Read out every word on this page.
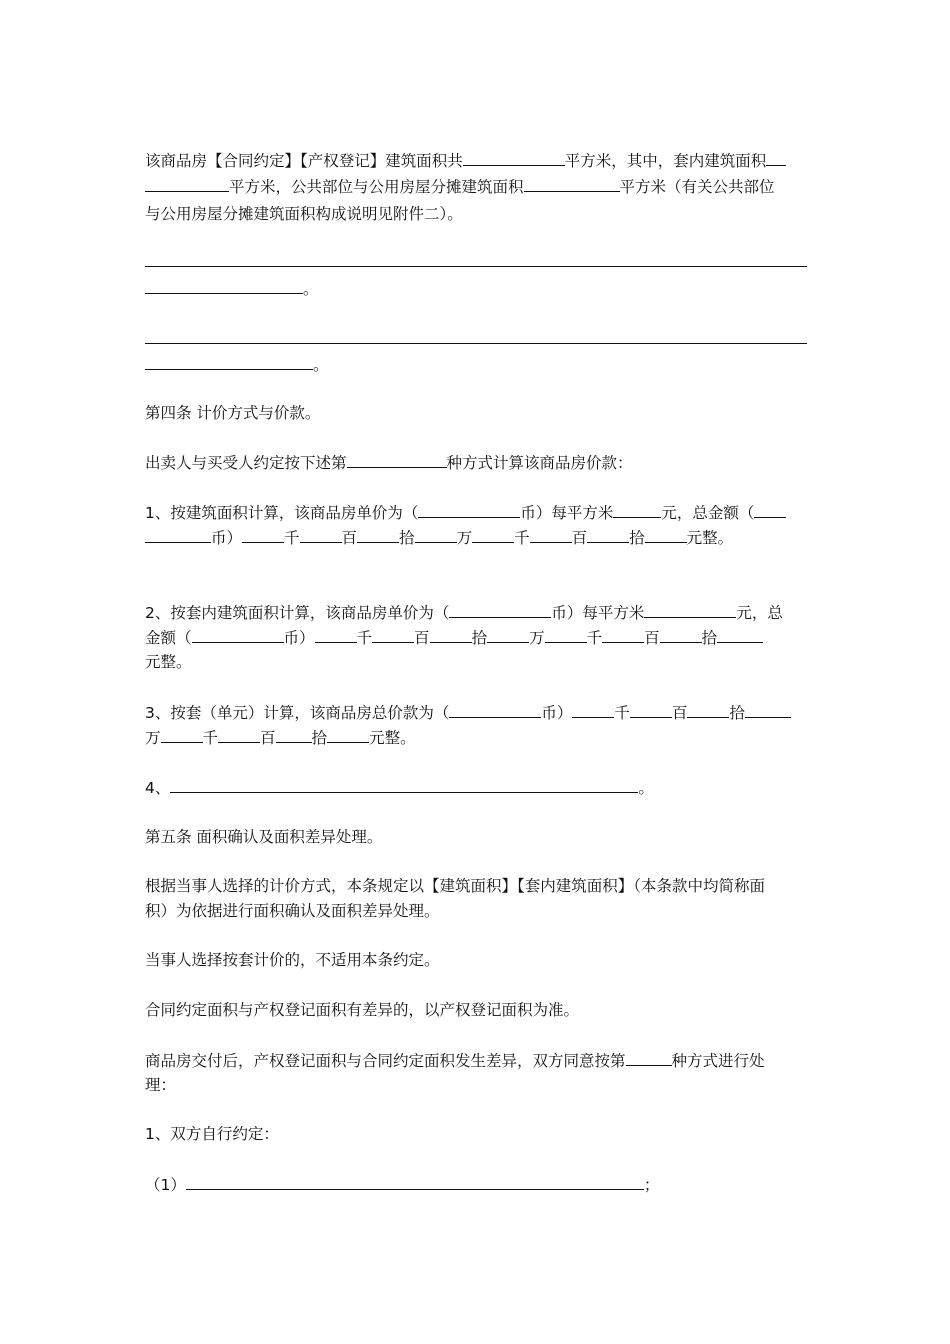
该商品房【合同约定】【产权登记】建筑面积共	平方米，其中，套内建筑面积
平方米，公共部位与公用房屋分摊建筑面积	平方米（有关公共部位
与公用房屋分摊建筑面积构成说明见附件二）。
。
。
第四条 计价方式与价款。
出卖人与买受人约定按下述第	种方式计算该商品房价款：
1、按建筑面积计算，该商品房单价为（	币）每平方米	元，总金额（
币）	千	百	拾	万	千	百	拾	元整。
2、按套内建筑面积计算，该商品房单价为（	币）每平方米	元，总
金额（	币）	千	百	拾	万	千	百	拾
元整。
3、按套（单元）计算，该商品房总价款为（	币）	千	百	拾
万	千	百 拾	元整。
4、	。
第五条 面积确认及面积差异处理。
根据当事人选择的计价方式，本条规定以【建筑面积】【套内建筑面积】（本条款中均简称面
积）为依据进行面积确认及面积差异处理。
当事人选择按套计价的，不适用本条约定。
合同约定面积与产权登记面积有差异的，以产权登记面积为准。
商品房交付后，产权登记面积与合同约定面积发生差异，双方同意按第	种方式进行处
理：
1、双方自行约定：
（1）	；
